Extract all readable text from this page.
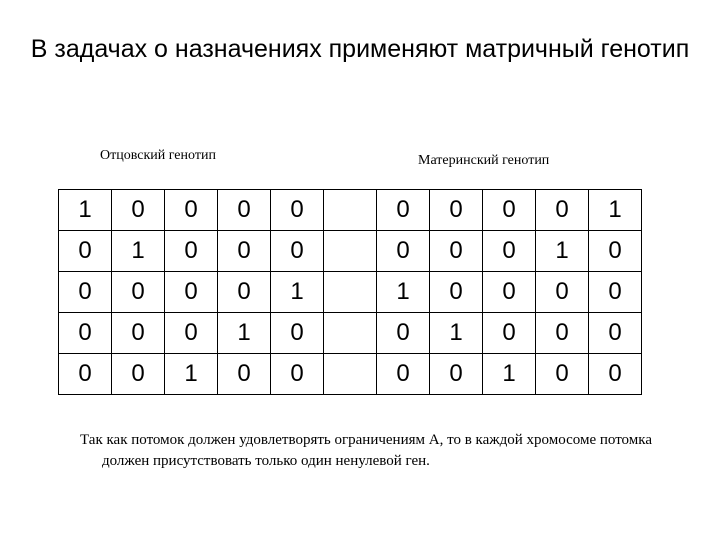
В задачах о назначениях применяют матричный генотип
Отцовский генотип	Материнский генотип
1	0	0	0	0		0	0	0	0	1
0	1	0	0	0		0	0	0	1	0
0	0	0	0	1		1	0	0	0	0
0	0	0	1	0		0	1	0	0	0
0	0	1	0	0		0	0	1	0	0
Так как потомок должен удовлетворять ограничениям А, то в каждой хромосоме потомка должен присутствовать только один ненулевой ген.
